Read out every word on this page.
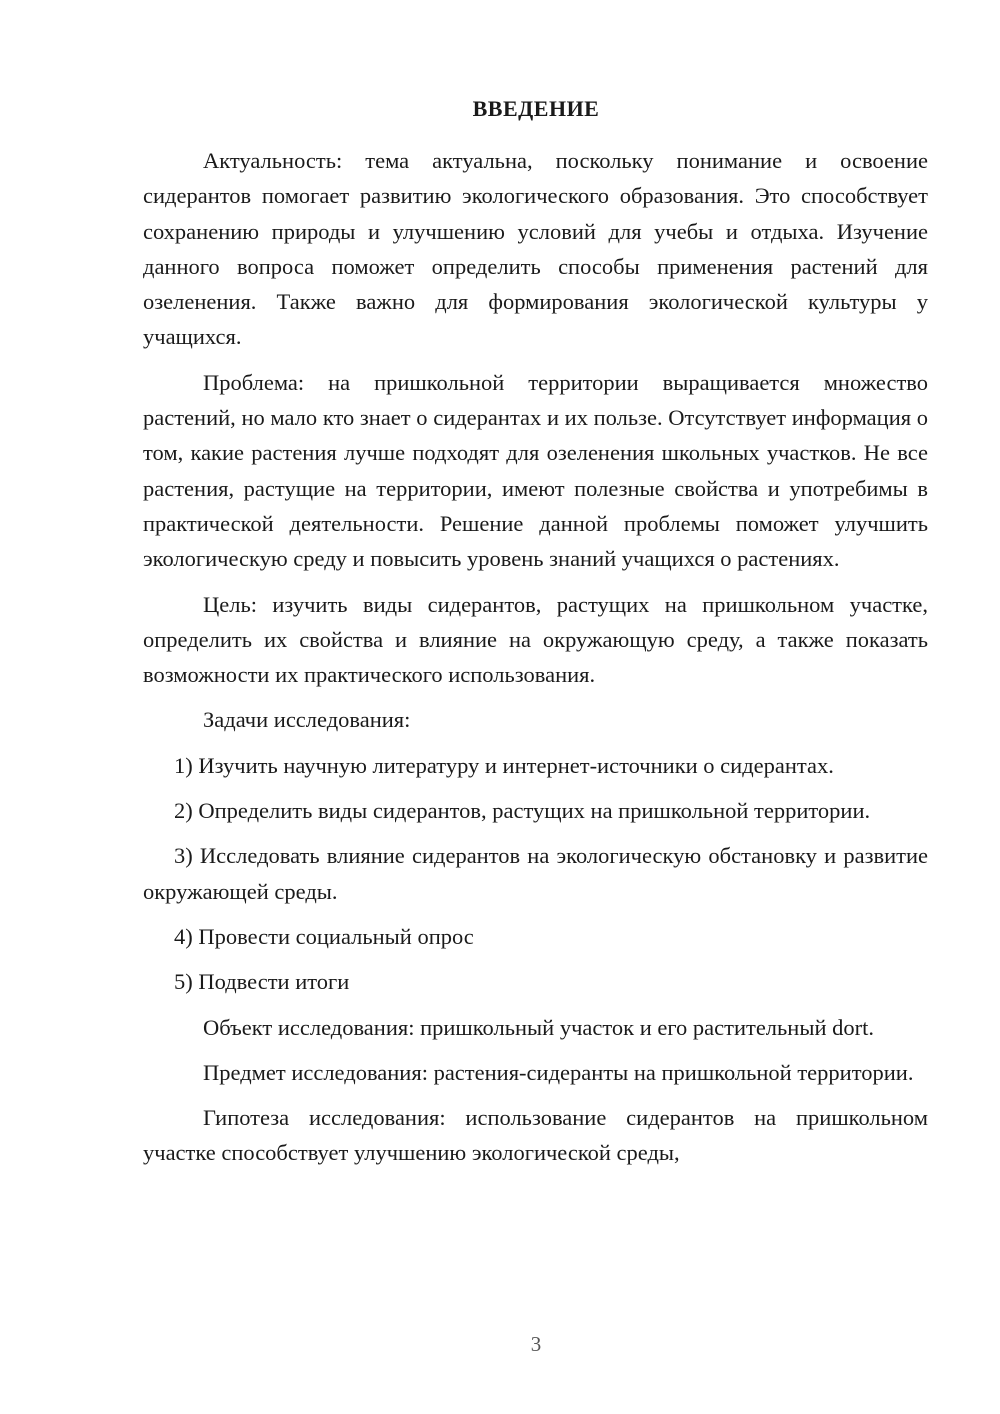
ВВЕДЕНИЕ

Актуальность: тема актуальна, поскольку понимание и освоение сидерантов помогает развитию экологического образования. Это способствует сохранению природы и улучшению условий для учебы и отдыха. Изучение данного вопроса поможет определить способы применения растений для озеленения. Также важно для формирования экологической культуры у учащихся.

Проблема: на пришкольной территории выращивается множество растений, но мало кто знает о сидерантах и их пользе. Отсутствует информация о том, какие растения лучше подходят для озеленения школьных участков. Не все растения, растущие на территории, имеют полезные свойства и употребимы в практической деятельности. Решение данной проблемы поможет улучшить экологическую среду и повысить уровень знаний учащихся о растениях.

Цель: изучить виды сидерантов, растущих на пришкольном участке, определить их свойства и влияние на окружающую среду, а также показать возможности их практического использования.

Задачи исследования:

1) Изучить научную литературу и интернет-источники о сидерантах.

2) Определить виды сидерантов, растущих на пришкольной территории.

3) Исследовать влияние сидерантов на экологическую обстановку и развитие окружающей среды.

4) Провести социальный опрос

5) Подвести итоги

Объект исследования: пришкольный участок и его растительный dort.

Предмет исследования: растения-сидеранты на пришкольной территории.

Гипотеза исследования: использование сидерантов на пришкольном участке способствует улучшению экологической среды,

3
